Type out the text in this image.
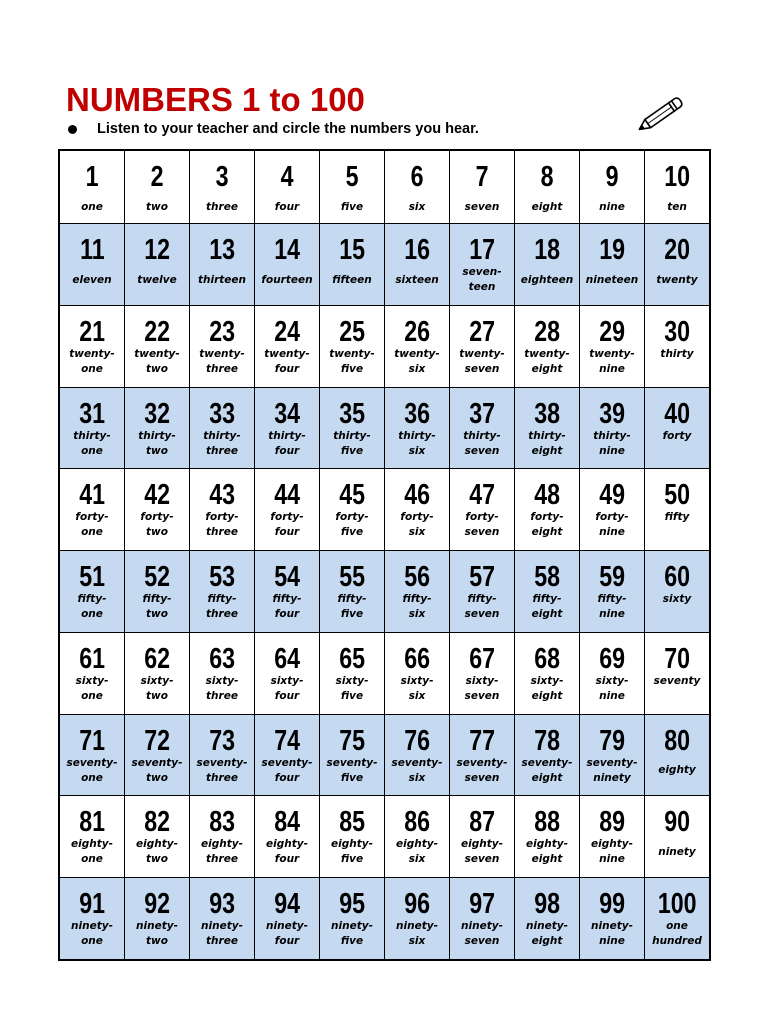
NUMBERS 1 to 100
Listen to your teacher and circle the numbers you hear.
1
one
2
two
3
three
4
four
5
five
6
six
7
seven
8
eight
9
nine
10
ten
11
eleven
12
twelve
13
thirteen
14
fourteen
15
fifteen
16
sixteen
17
seven-
teen
18
eighteen
19
nineteen
20
twenty
21
twenty-
one
22
twenty-
two
23
twenty-
three
24
twenty-
four
25
twenty-
five
26
twenty-
six
27
twenty-
seven
28
twenty-
eight
29
twenty-
nine
30
thirty
31
thirty-
one
32
thirty-
two
33
thirty-
three
34
thirty-
four
35
thirty-
five
36
thirty-
six
37
thirty-
seven
38
thirty-
eight
39
thirty-
nine
40
forty
41
forty-
one
42
forty-
two
43
forty-
three
44
forty-
four
45
forty-
five
46
forty-
six
47
forty-
seven
48
forty-
eight
49
forty-
nine
50
fifty
51
fifty-
one
52
fifty-
two
53
fifty-
three
54
fifty-
four
55
fifty-
five
56
fifty-
six
57
fifty-
seven
58
fifty-
eight
59
fifty-
nine
60
sixty
61
sixty-
one
62
sixty-
two
63
sixty-
three
64
sixty-
four
65
sixty-
five
66
sixty-
six
67
sixty-
seven
68
sixty-
eight
69
sixty-
nine
70
seventy
71
seventy-
one
72
seventy-
two
73
seventy-
three
74
seventy-
four
75
seventy-
five
76
seventy-
six
77
seventy-
seven
78
seventy-
eight
79
seventy-
ninety
80
eighty
81
eighty-
one
82
eighty-
two
83
eighty-
three
84
eighty-
four
85
eighty-
five
86
eighty-
six
87
eighty-
seven
88
eighty-
eight
89
eighty-
nine
90
ninety
91
ninety-
one
92
ninety-
two
93
ninety-
three
94
ninety-
four
95
ninety-
five
96
ninety-
six
97
ninety-
seven
98
ninety-
eight
99
ninety-
nine
100
one
hundred
